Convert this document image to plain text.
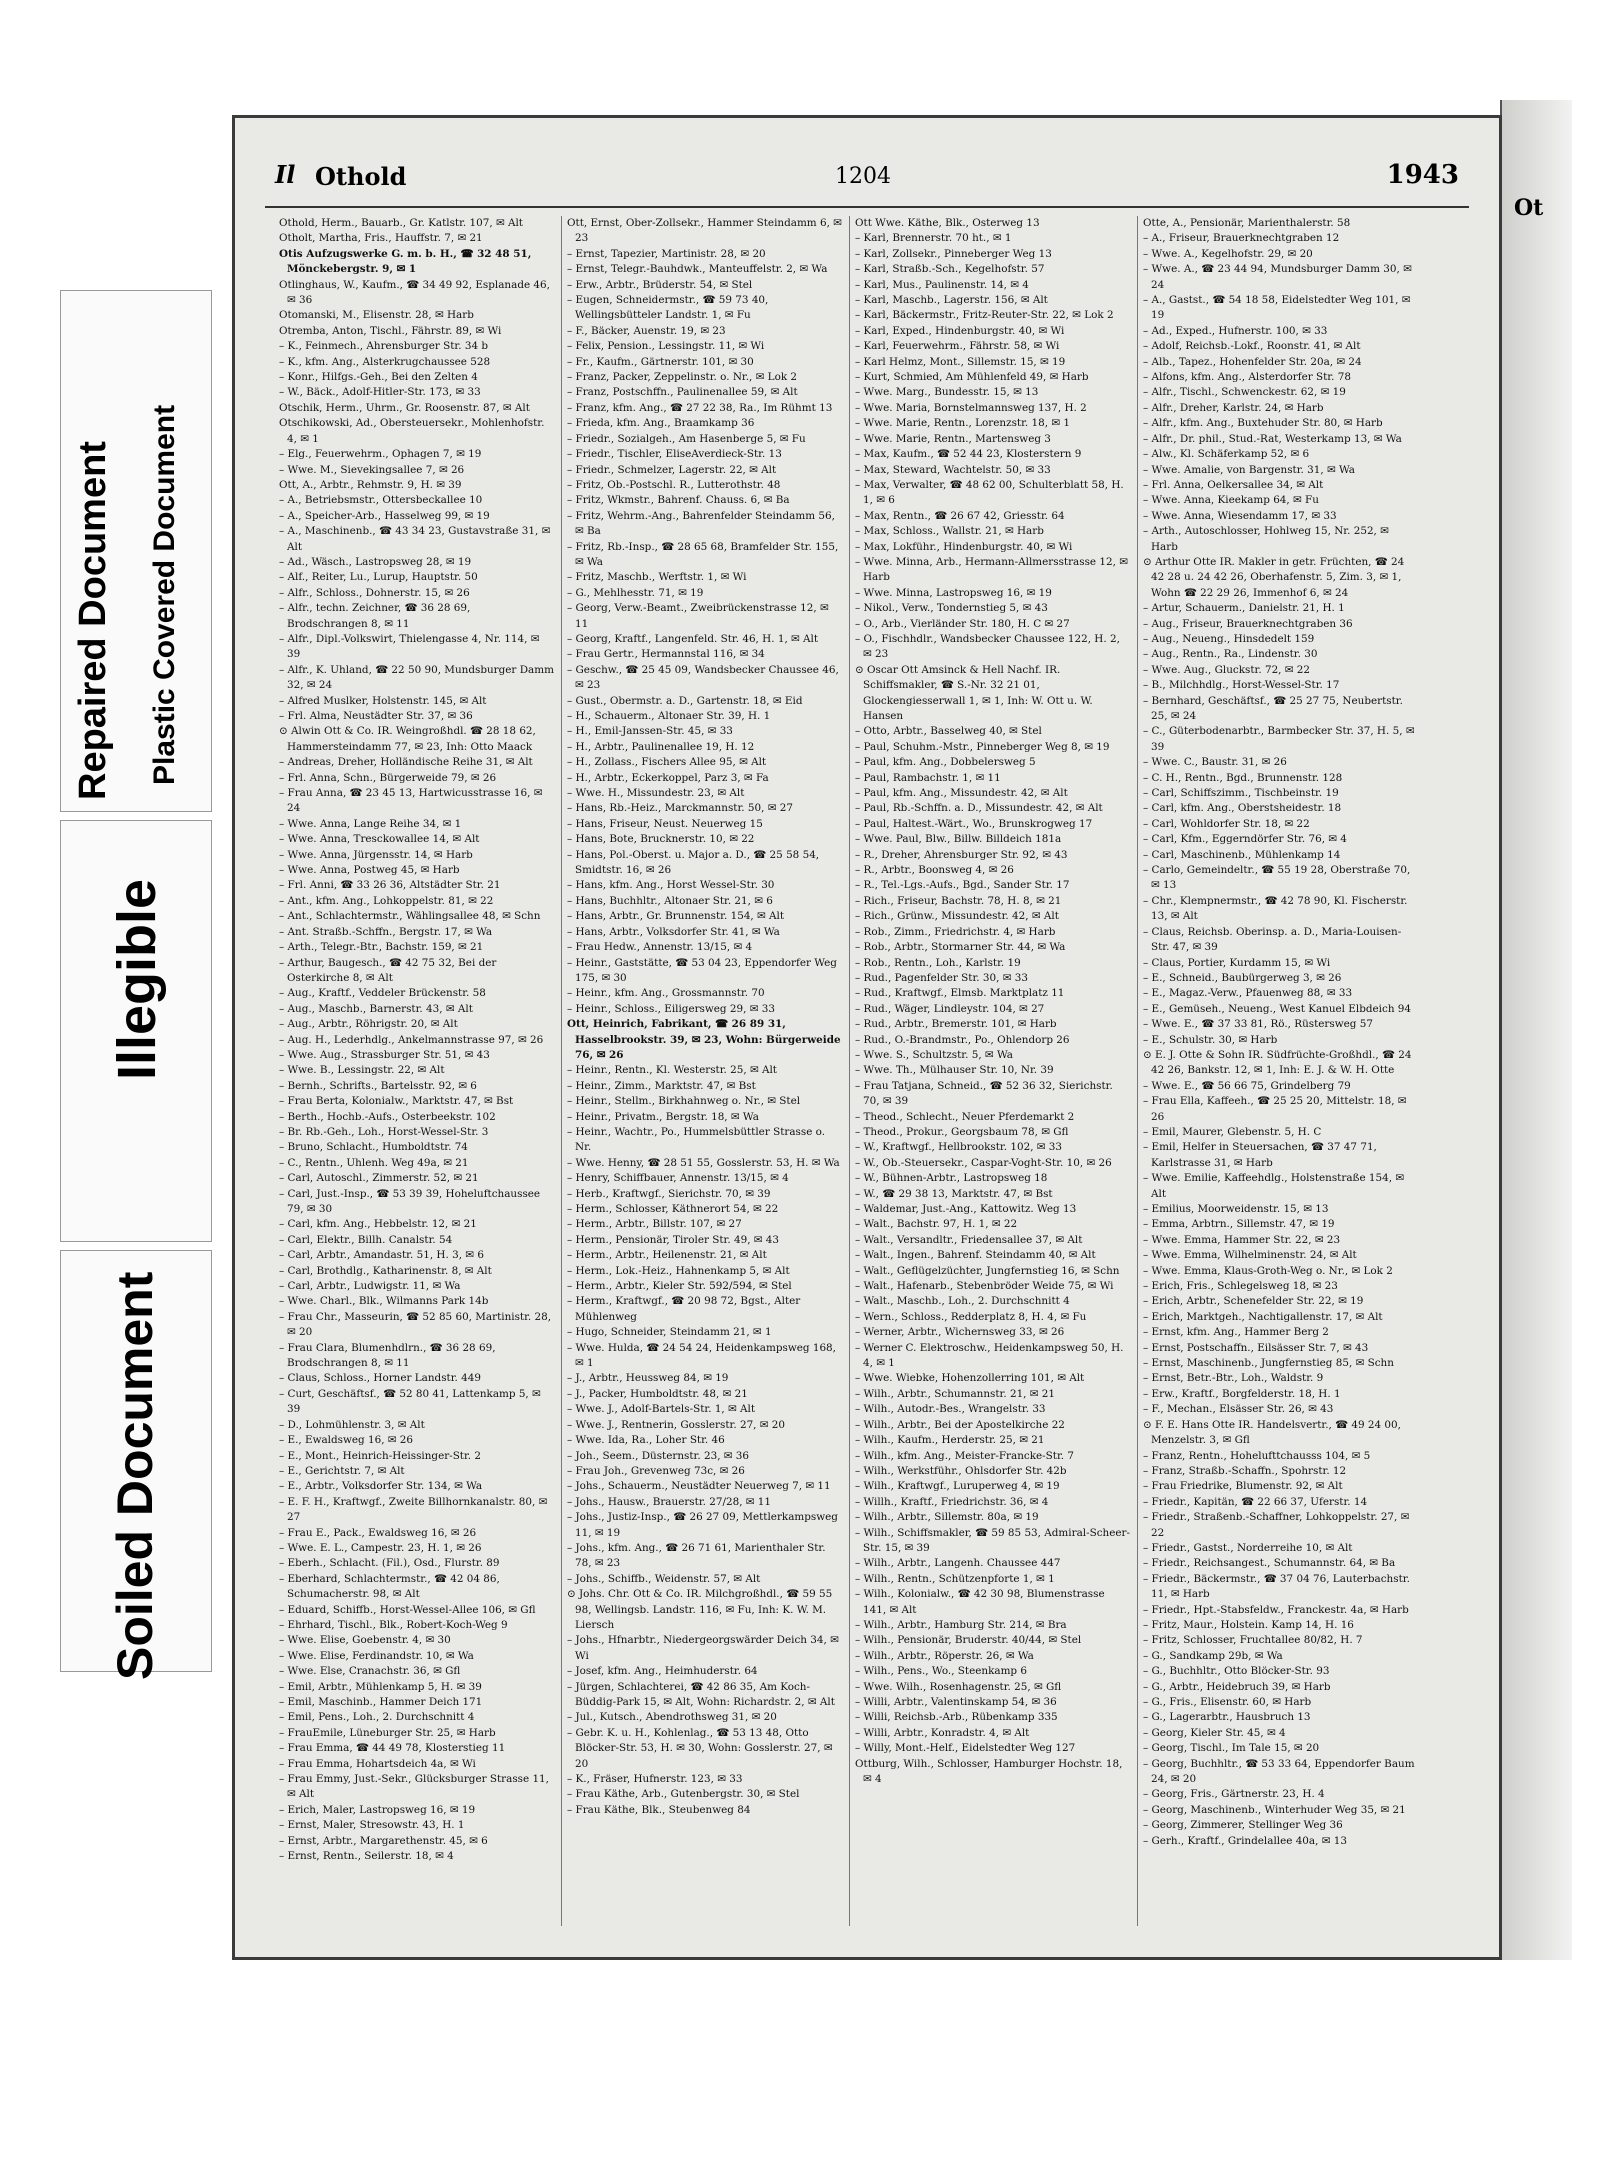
Repaired Document Plastic Covered Document
Illegible
Soiled Document
Ot
Il Othold	1204	1943

Othold, Herm., Bauarb., Gr. Katlstr. 107, ✉ Alt

Otholt, Martha, Fris., Hauffstr. 7, ✉ 21

Otis Aufzugswerke G. m. b. H., ☎ 32 48 51, Mönckebergstr. 9, ✉ 1

Otlinghaus, W., Kaufm., ☎ 34 49 92, Esplanade 46, ✉ 36

Otomanski, M., Elisenstr. 28, ✉ Harb

Otremba, Anton, Tischl., Fährstr. 89, ✉ Wi

– K., Feinmech., Ahrensburger Str. 34 b

– K., kfm. Ang., Alsterkrugchaussee 528

– Konr., Hilfgs.-Geh., Bei den Zelten 4

– W., Bäck., Adolf-Hitler-Str. 173, ✉ 33

Otschik, Herm., Uhrm., Gr. Roosenstr. 87, ✉ Alt

Otschikowski, Ad., Obersteuersekr., Mohlenhofstr. 4, ✉ 1

– Elg., Feuerwehrm., Ophagen 7, ✉ 19

– Wwe. M., Sievekingsallee 7, ✉ 26

Ott, A., Arbtr., Rehmstr. 9, H. ✉ 39

– A., Betriebsmstr., Ottersbeckallee 10

– A., Speicher-Arb., Hasselweg 99, ✉ 19

– A., Maschinenb., ☎ 43 34 23, Gustavstraße 31, ✉ Alt

– Ad., Wäsch., Lastropsweg 28, ✉ 19

– Alf., Reiter, Lu., Lurup, Hauptstr. 50

– Alfr., Schloss., Dohnerstr. 15, ✉ 26

– Alfr., techn. Zeichner, ☎ 36 28 69, Brodschrangen 8, ✉ 11

– Alfr., Dipl.-Volkswirt, Thielengasse 4, Nr. 114, ✉ 39

– Alfr., K. Uhland, ☎ 22 50 90, Mundsburger Damm 32, ✉ 24

– Alfred Muslker, Holstenstr. 145, ✉ Alt

– Frl. Alma, Neustädter Str. 37, ✉ 36

⊙ Alwin Ott & Co. IR. Weingroßhdl. ☎ 28 18 62, Hammersteindamm 77, ✉ 23, Inh: Otto Maack

– Andreas, Dreher, Holländische Reihe 31, ✉ Alt

– Frl. Anna, Schn., Bürgerweide 79, ✉ 26

– Frau Anna, ☎ 23 45 13, Hartwicusstrasse 16, ✉ 24

– Wwe. Anna, Lange Reihe 34, ✉ 1

– Wwe. Anna, Tresckowallee 14, ✉ Alt

– Wwe. Anna, Jürgensstr. 14, ✉ Harb

– Wwe. Anna, Postweg 45, ✉ Harb

– Frl. Anni, ☎ 33 26 36, Altstädter Str. 21

– Ant., kfm. Ang., Lohkoppelstr. 81, ✉ 22

– Ant., Schlachtermstr., Wählingsallee 48, ✉ Schn

– Ant. Straßb.-Schffn., Bergstr. 17, ✉ Wa

– Arth., Telegr.-Btr., Bachstr. 159, ✉ 21

– Arthur, Baugesch., ☎ 42 75 32, Bei der Osterkirche 8, ✉ Alt

– Aug., Kraftf., Veddeler Brückenstr. 58

– Aug., Maschb., Barnerstr. 43, ✉ Alt

– Aug., Arbtr., Röhrigstr. 20, ✉ Alt

– Aug. H., Lederhdlg., Ankelmannstrasse 97, ✉ 26

– Wwe. Aug., Strassburger Str. 51, ✉ 43

– Wwe. B., Lessingstr. 22, ✉ Alt

– Bernh., Schrifts., Bartelsstr. 92, ✉ 6

– Frau Berta, Kolonialw., Marktstr. 47, ✉ Bst

– Berth., Hochb.-Aufs., Osterbeekstr. 102

– Br. Rb.-Geh., Loh., Horst-Wessel-Str. 3

– Bruno, Schlacht., Humboldtstr. 74

– C., Rentn., Uhlenh. Weg 49a, ✉ 21

– Carl, Autoschl., Zimmerstr. 52, ✉ 21

– Carl, Just.-Insp., ☎ 53 39 39, Hoheluftchaussee 79, ✉ 30

– Carl, kfm. Ang., Hebbelstr. 12, ✉ 21

– Carl, Elektr., Billh. Canalstr. 54

– Carl, Arbtr., Amandastr. 51, H. 3, ✉ 6

– Carl, Brothdlg., Katharinenstr. 8, ✉ Alt

– Carl, Arbtr., Ludwigstr. 11, ✉ Wa

– Wwe. Charl., Blk., Wilmanns Park 14b

– Frau Chr., Masseurin, ☎ 52 85 60, Martinistr. 28, ✉ 20

– Frau Clara, Blumenhdlrn., ☎ 36 28 69, Brodschrangen 8, ✉ 11

– Claus, Schloss., Horner Landstr. 449

– Curt, Geschäftsf., ☎ 52 80 41, Lattenkamp 5, ✉ 39

– D., Lohmühlenstr. 3, ✉ Alt

– E., Ewaldsweg 16, ✉ 26

– E., Mont., Heinrich-Heissinger-Str. 2

– E., Gerichtstr. 7, ✉ Alt

– E., Arbtr., Volksdorfer Str. 134, ✉ Wa

– E. F. H., Kraftwgf., Zweite Billhornkanalstr. 80, ✉ 27

– Frau E., Pack., Ewaldsweg 16, ✉ 26

– Wwe. E. L., Campestr. 23, H. 1, ✉ 26

– Eberh., Schlacht. (Fil.), Osd., Flurstr. 89

– Eberhard, Schlachtermstr., ☎ 42 04 86, Schumacherstr. 98, ✉ Alt

– Eduard, Schiffb., Horst-Wessel-Allee 106, ✉ Gfl

– Ehrhard, Tischl., Blk., Robert-Koch-Weg 9

– Wwe. Elise, Goebenstr. 4, ✉ 30

– Wwe. Elise, Ferdinandstr. 10, ✉ Wa

– Wwe. Else, Cranachstr. 36, ✉ Gfl

– Emil, Arbtr., Mühlenkamp 5, H. ✉ 39

– Emil, Maschinb., Hammer Deich 171

– Emil, Pens., Loh., 2. Durchschnitt 4

– FrauEmile, Lüneburger Str. 25, ✉ Harb

– Frau Emma, ☎ 44 49 78, Klosterstieg 11

– Frau Emma, Hohartsdeich 4a, ✉ Wi

– Frau Emmy, Just.-Sekr., Glücksburger Strasse 11, ✉ Alt

– Erich, Maler, Lastropsweg 16, ✉ 19

– Ernst, Maler, Stresowstr. 43, H. 1

– Ernst, Arbtr., Margarethenstr. 45, ✉ 6

– Ernst, Rentn., Seilerstr. 18, ✉ 4

Ott, Ernst, Ober-Zollsekr., Hammer Steindamm 6, ✉ 23

– Ernst, Tapezier, Martinistr. 28, ✉ 20

– Ernst, Telegr.-Bauhdwk., Manteuffelstr. 2, ✉ Wa

– Erw., Arbtr., Brüderstr. 54, ✉ Stel

– Eugen, Schneidermstr., ☎ 59 73 40, Wellingsbütteler Landstr. 1, ✉ Fu

– F., Bäcker, Auenstr. 19, ✉ 23

– Felix, Pension., Lessingstr. 11, ✉ Wi

– Fr., Kaufm., Gärtnerstr. 101, ✉ 30

– Franz, Packer, Zeppelinstr. o. Nr., ✉ Lok 2

– Franz, Postschffn., Paulinenallee 59, ✉ Alt

– Franz, kfm. Ang., ☎ 27 22 38, Ra., Im Rühmt 13

– Frieda, kfm. Ang., Braamkamp 36

– Friedr., Sozialgeh., Am Hasenberge 5, ✉ Fu

– Friedr., Tischler, EliseAverdieck-Str. 13

– Friedr., Schmelzer, Lagerstr. 22, ✉ Alt

– Fritz, Ob.-Postschl. R., Lutterothstr. 48

– Fritz, Wkmstr., Bahrenf. Chauss. 6, ✉ Ba

– Fritz, Wehrm.-Ang., Bahrenfelder Steindamm 56, ✉ Ba

– Fritz, Rb.-Insp., ☎ 28 65 68, Bramfelder Str. 155, ✉ Wa

– Fritz, Maschb., Werftstr. 1, ✉ Wi

– G., Mehlhesstr. 71, ✉ 19

– Georg, Verw.-Beamt., Zweibrückenstrasse 12, ✉ 11

– Georg, Kraftf., Langenfeld. Str. 46, H. 1, ✉ Alt

– Frau Gertr., Hermannstal 116, ✉ 34

– Geschw., ☎ 25 45 09, Wandsbecker Chaussee 46, ✉ 23

– Gust., Obermstr. a. D., Gartenstr. 18, ✉ Eid

– H., Schauerm., Altonaer Str. 39, H. 1

– H., Emil-Janssen-Str. 45, ✉ 33

– H., Arbtr., Paulinenallee 19, H. 12

– H., Zollass., Fischers Allee 95, ✉ Alt

– H., Arbtr., Eckerkoppel, Parz 3, ✉ Fa

– Wwe. H., Missundestr. 23, ✉ Alt

– Hans, Rb.-Heiz., Marckmannstr. 50, ✉ 27

– Hans, Friseur, Neust. Neuerweg 15

– Hans, Bote, Brucknerstr. 10, ✉ 22

– Hans, Pol.-Oberst. u. Major a. D., ☎ 25 58 54, Smidtstr. 16, ✉ 26

– Hans, kfm. Ang., Horst Wessel-Str. 30

– Hans, Buchhltr., Altonaer Str. 21, ✉ 6

– Hans, Arbtr., Gr. Brunnenstr. 154, ✉ Alt

– Hans, Arbtr., Volksdorfer Str. 41, ✉ Wa

– Frau Hedw., Annenstr. 13/15, ✉ 4

– Heinr., Gaststätte, ☎ 53 04 23, Eppendorfer Weg 175, ✉ 30

– Heinr., kfm. Ang., Grossmannstr. 70

– Heinr., Schloss., Eiligersweg 29, ✉ 33

Ott, Heinrich, Fabrikant, ☎ 26 89 31, Hasselbrookstr. 39, ✉ 23, Wohn: Bürgerweide 76, ✉ 26

– Heinr., Rentn., Kl. Westerstr. 25, ✉ Alt

– Heinr., Zimm., Marktstr. 47, ✉ Bst

– Heinr., Stellm., Birkhahnweg o. Nr., ✉ Stel

– Heinr., Privatm., Bergstr. 18, ✉ Wa

– Heinr., Wachtr., Po., Hummelsbüttler Strasse o. Nr.

– Wwe. Henny, ☎ 28 51 55, Gosslerstr. 53, H. ✉ Wa

– Henry, Schiffbauer, Annenstr. 13/15, ✉ 4

– Herb., Kraftwgf., Sierichstr. 70, ✉ 39

– Herm., Schlosser, Käthnerort 54, ✉ 22

– Herm., Arbtr., Billstr. 107, ✉ 27

– Herm., Pensionär, Tiroler Str. 49, ✉ 43

– Herm., Arbtr., Heilenenstr. 21, ✉ Alt

– Herm., Lok.-Heiz., Hahnenkamp 5, ✉ Alt

– Herm., Arbtr., Kieler Str. 592/594, ✉ Stel

– Herm., Kraftwgf., ☎ 20 98 72, Bgst., Alter Mühlenweg

– Hugo, Schneider, Steindamm 21, ✉ 1

– Wwe. Hulda, ☎ 24 54 24, Heidenkampsweg 168, ✉ 1

– J., Arbtr., Heussweg 84, ✉ 19

– J., Packer, Humboldtstr. 48, ✉ 21

– Wwe. J., Adolf-Bartels-Str. 1, ✉ Alt

– Wwe. J., Rentnerin, Gosslerstr. 27, ✉ 20

– Wwe. Ida, Ra., Loher Str. 46

– Joh., Seem., Düsternstr. 23, ✉ 36

– Frau Joh., Grevenweg 73c, ✉ 26

– Johs., Schauerm., Neustädter Neuerweg 7, ✉ 11

– Johs., Hausw., Brauerstr. 27/28, ✉ 11

– Johs., Justiz-Insp., ☎ 26 27 09, Mettlerkampsweg 11, ✉ 19

– Johs., kfm. Ang., ☎ 26 71 61, Marienthaler Str. 78, ✉ 23

– Johs., Schiffb., Weidenstr. 57, ✉ Alt

⊙ Johs. Chr. Ott & Co. IR. Milchgroßhdl., ☎ 59 55 98, Wellingsb. Landstr. 116, ✉ Fu, Inh: K. W. M. Liersch

– Johs., Hfnarbtr., Niedergeorgswärder Deich 34, ✉ Wi

– Josef, kfm. Ang., Heimhuderstr. 64

– Jürgen, Schlachterei, ☎ 42 86 35, Am Koch-Büddig-Park 15, ✉ Alt, Wohn: Richardstr. 2, ✉ Alt

– Jul., Kutsch., Abendrothsweg 31, ✉ 20

– Gebr. K. u. H., Kohlenlag., ☎ 53 13 48, Otto Blöcker-Str. 53, H. ✉ 30, Wohn: Gosslerstr. 27, ✉ 20

– K., Fräser, Hufnerstr. 123, ✉ 33

– Frau Käthe, Arb., Gutenbergstr. 30, ✉ Stel

– Frau Käthe, Blk., Steubenweg 84

Ott Wwe. Käthe, Blk., Osterweg 13

– Karl, Brennerstr. 70 ht., ✉ 1

– Karl, Zollsekr., Pinneberger Weg 13

– Karl, Straßb.-Sch., Kegelhofstr. 57

– Karl, Mus., Paulinenstr. 14, ✉ 4

– Karl, Maschb., Lagerstr. 156, ✉ Alt

– Karl, Bäckermstr., Fritz-Reuter-Str. 22, ✉ Lok 2

– Karl, Exped., Hindenburgstr. 40, ✉ Wi

– Karl, Feuerwehrm., Fährstr. 58, ✉ Wi

– Karl Helmz, Mont., Sillemstr. 15, ✉ 19

– Kurt, Schmied, Am Mühlenfeld 49, ✉ Harb

– Wwe. Marg., Bundesstr. 15, ✉ 13

– Wwe. Maria, Bornstelmannsweg 137, H. 2

– Wwe. Marie, Rentn., Lorenzstr. 18, ✉ 1

– Wwe. Marie, Rentn., Martensweg 3

– Max, Kaufm., ☎ 52 44 23, Klosterstern 9

– Max, Steward, Wachtelstr. 50, ✉ 33

– Max, Verwalter, ☎ 48 62 00, Schulterblatt 58, H. 1, ✉ 6

– Max, Rentn., ☎ 26 67 42, Griesstr. 64

– Max, Schloss., Wallstr. 21, ✉ Harb

– Max, Lokführ., Hindenburgstr. 40, ✉ Wi

– Wwe. Minna, Arb., Hermann-Allmersstrasse 12, ✉ Harb

– Wwe. Minna, Lastropsweg 16, ✉ 19

– Nikol., Verw., Tondernstieg 5, ✉ 43

– O., Arb., Vierländer Str. 180, H. C ✉ 27

– O., Fischhdlr., Wandsbecker Chaussee 122, H. 2, ✉ 23

⊙ Oscar Ott Amsinck & Hell Nachf. IR. Schiffsmakler, ☎ S.-Nr. 32 21 01, Glockengiesserwall 1, ✉ 1, Inh: W. Ott u. W. Hansen

– Otto, Arbtr., Basselweg 40, ✉ Stel

– Paul, Schuhm.-Mstr., Pinneberger Weg 8, ✉ 19

– Paul, kfm. Ang., Dobbelersweg 5

– Paul, Rambachstr. 1, ✉ 11

– Paul, kfm. Ang., Missundestr. 42, ✉ Alt

– Paul, Rb.-Schffn. a. D., Missundestr. 42, ✉ Alt

– Paul, Haltest.-Wärt., Wo., Brunskrogweg 17

– Wwe. Paul, Blw., Billw. Billdeich 181a

– R., Dreher, Ahrensburger Str. 92, ✉ 43

– R., Arbtr., Boonsweg 4, ✉ 26

– R., Tel.-Lgs.-Aufs., Bgd., Sander Str. 17

– Rich., Friseur, Bachstr. 78, H. 8, ✉ 21

– Rich., Grünw., Missundestr. 42, ✉ Alt

– Rob., Zimm., Friedrichstr. 4, ✉ Harb

– Rob., Arbtr., Stormarner Str. 44, ✉ Wa

– Rob., Rentn., Loh., Karlstr. 19

– Rud., Pagenfelder Str. 30, ✉ 33

– Rud., Kraftwgf., Elmsb. Marktplatz 11

– Rud., Wäger, Lindleystr. 104, ✉ 27

– Rud., Arbtr., Bremerstr. 101, ✉ Harb

– Rud., O.-Brandmstr., Po., Ohlendorp 26

– Wwe. S., Schultzstr. 5, ✉ Wa

– Wwe. Th., Mülhauser Str. 10, Nr. 39

– Frau Tatjana, Schneid., ☎ 52 36 32, Sierichstr. 70, ✉ 39

– Theod., Schlecht., Neuer Pferdemarkt 2

– Theod., Prokur., Georgsbaum 78, ✉ Gfl

– W., Kraftwgf., Hellbrookstr. 102, ✉ 33

– W., Ob.-Steuersekr., Caspar-Voght-Str. 10, ✉ 26

– W., Bühnen-Arbtr., Lastropsweg 18

– W., ☎ 29 38 13, Marktstr. 47, ✉ Bst

– Waldemar, Just.-Ang., Kattowitz. Weg 13

– Walt., Bachstr. 97, H. 1, ✉ 22

– Walt., Versandltr., Friedensallee 37, ✉ Alt

– Walt., Ingen., Bahrenf. Steindamm 40, ✉ Alt

– Walt., Geflügelzüchter, Jungfernstieg 16, ✉ Schn

– Walt., Hafenarb., Stebenbröder Weide 75, ✉ Wi

– Walt., Maschb., Loh., 2. Durchschnitt 4

– Wern., Schloss., Redderplatz 8, H. 4, ✉ Fu

– Werner, Arbtr., Wichernsweg 33, ✉ 26

– Werner C. Elektroschw., Heidenkampsweg 50, H. 4, ✉ 1

– Wwe. Wiebke, Hohenzollerring 101, ✉ Alt

– Wilh., Arbtr., Schumannstr. 21, ✉ 21

– Wilh., Autodr.-Bes., Wrangelstr. 33

– Wilh., Arbtr., Bei der Apostelkirche 22

– Wilh., Kaufm., Herderstr. 25, ✉ 21

– Wilh., kfm. Ang., Meister-Francke-Str. 7

– Wilh., Werkstführ., Ohlsdorfer Str. 42b

– Wilh., Kraftwgf., Luruperweg 4, ✉ 19

– Willh., Kraftf., Friedrichstr. 36, ✉ 4

– Wilh., Arbtr., Sillemstr. 80a, ✉ 19

– Wilh., Schiffsmakler, ☎ 59 85 53, Admiral-Scheer-Str. 15, ✉ 39

– Wilh., Arbtr., Langenh. Chaussee 447

– Wilh., Rentn., Schützenpforte 1, ✉ 1

– Wilh., Kolonialw., ☎ 42 30 98, Blumenstrasse 141, ✉ Alt

– Wilh., Arbtr., Hamburg Str. 214, ✉ Bra

– Wilh., Pensionär, Bruderstr. 40/44, ✉ Stel

– Wilh., Arbtr., Röperstr. 26, ✉ Wa

– Wilh., Pens., Wo., Steenkamp 6

– Wwe. Wilh., Rosenhagenstr. 25, ✉ Gfl

– Willi, Arbtr., Valentinskamp 54, ✉ 36

– Willi, Reichsb.-Arb., Rübenkamp 335

– Willi, Arbtr., Konradstr. 4, ✉ Alt

– Willy, Mont.-Helf., Eidelstedter Weg 127

Ottburg, Wilh., Schlosser, Hamburger Hochstr. 18, ✉ 4

Otte, A., Pensionär, Marienthalerstr. 58

– A., Friseur, Brauerknechtgraben 12

– Wwe. A., Kegelhofstr. 29, ✉ 20

– Wwe. A., ☎ 23 44 94, Mundsburger Damm 30, ✉ 24

– A., Gastst., ☎ 54 18 58, Eidelstedter Weg 101, ✉ 19

– Ad., Exped., Hufnerstr. 100, ✉ 33

– Adolf, Reichsb.-Lokf., Roonstr. 41, ✉ Alt

– Alb., Tapez., Hohenfelder Str. 20a, ✉ 24

– Alfons, kfm. Ang., Alsterdorfer Str. 78

– Alfr., Tischl., Schwenckestr. 62, ✉ 19

– Alfr., Dreher, Karlstr. 24, ✉ Harb

– Alfr., kfm. Ang., Buxtehuder Str. 80, ✉ Harb

– Alfr., Dr. phil., Stud.-Rat, Westerkamp 13, ✉ Wa

– Alw., Kl. Schäferkamp 52, ✉ 6

– Wwe. Amalie, von Bargenstr. 31, ✉ Wa

– Frl. Anna, Oelkersallee 34, ✉ Alt

– Wwe. Anna, Kieekamp 64, ✉ Fu

– Wwe. Anna, Wiesendamm 17, ✉ 33

– Arth., Autoschlosser, Hohlweg 15, Nr. 252, ✉ Harb

⊙ Arthur Otte IR. Makler in getr. Früchten, ☎ 24 42 28 u. 24 42 26, Oberhafenstr. 5, Zim. 3, ✉ 1, Wohn ☎ 22 29 26, Immenhof 6, ✉ 24

– Artur, Schauerm., Danielstr. 21, H. 1

– Aug., Friseur, Brauerknechtgraben 36

– Aug., Neueng., Hinsdedelt 159

– Aug., Rentn., Ra., Lindenstr. 30

– Wwe. Aug., Gluckstr. 72, ✉ 22

– B., Milchhdlg., Horst-Wessel-Str. 17

– Bernhard, Geschäftsf., ☎ 25 27 75, Neubertstr. 25, ✉ 24

– C., Güterbodenarbtr., Barmbecker Str. 37, H. 5, ✉ 39

– Wwe. C., Baustr. 31, ✉ 26

– C. H., Rentn., Bgd., Brunnenstr. 128

– Carl, Schiffszimm., Tischbeinstr. 19

– Carl, kfm. Ang., Oberstsheidestr. 18

– Carl, Wohldorfer Str. 18, ✉ 22

– Carl, Kfm., Eggerndörfer Str. 76, ✉ 4

– Carl, Maschinenb., Mühlenkamp 14

– Carlo, Gemeindeltr., ☎ 55 19 28, Oberstraße 70, ✉ 13

– Chr., Klempnermstr., ☎ 42 78 90, Kl. Fischerstr. 13, ✉ Alt

– Claus, Reichsb. Oberinsp. a. D., Maria-Louisen-Str. 47, ✉ 39

– Claus, Portier, Kurdamm 15, ✉ Wi

– E., Schneid., Baubürgerweg 3, ✉ 26

– E., Magaz.-Verw., Pfauenweg 88, ✉ 33

– E., Gemüseh., Neueng., West Kanuel Elbdeich 94

– Wwe. E., ☎ 37 33 81, Rö., Rüstersweg 57

– E., Schulstr. 30, ✉ Harb

⊙ E. J. Otte & Sohn IR. Südfrüchte-Großhdl., ☎ 24 42 26, Bankstr. 12, ✉ 1, Inh: E. J. & W. H. Otte

– Wwe. E., ☎ 56 66 75, Grindelberg 79

– Frau Ella, Kaffeeh., ☎ 25 25 20, Mittelstr. 18, ✉ 26

– Emil, Maurer, Glebenstr. 5, H. C

– Emil, Helfer in Steuersachen, ☎ 37 47 71, Karlstrasse 31, ✉ Harb

– Wwe. Emilie, Kaffeehdlg., Holstenstraße 154, ✉ Alt

– Emilius, Moorweidenstr. 15, ✉ 13

– Emma, Arbtrn., Sillemstr. 47, ✉ 19

– Wwe. Emma, Hammer Str. 22, ✉ 23

– Wwe. Emma, Wilhelminenstr. 24, ✉ Alt

– Wwe. Emma, Klaus-Groth-Weg o. Nr., ✉ Lok 2

– Erich, Fris., Schlegelsweg 18, ✉ 23

– Erich, Arbtr., Schenefelder Str. 22, ✉ 19

– Erich, Marktgeh., Nachtigallenstr. 17, ✉ Alt

– Ernst, kfm. Ang., Hammer Berg 2

– Ernst, Postschaffn., Eilsässer Str. 7, ✉ 43

– Ernst, Maschinenb., Jungfernstieg 85, ✉ Schn

– Ernst, Betr.-Btr., Loh., Waldstr. 9

– Erw., Kraftf., Borgfelderstr. 18, H. 1

– F., Mechan., Elsässer Str. 26, ✉ 43

⊙ F. E. Hans Otte IR. Handelsvertr., ☎ 49 24 00, Menzelstr. 3, ✉ Gfl

– Franz, Rentn., Hohelufttchausss 104, ✉ 5

– Franz, Straßb.-Schaffn., Spohrstr. 12

– Frau Friedrike, Blumenstr. 92, ✉ Alt

– Friedr., Kapitän, ☎ 22 66 37, Uferstr. 14

– Friedr., Straßenb.-Schaffner, Lohkoppelstr. 27, ✉ 22

– Friedr., Gastst., Norderreihe 10, ✉ Alt

– Friedr., Reichsangest., Schumannstr. 64, ✉ Ba

– Friedr., Bäckermstr., ☎ 37 04 76, Lauterbachstr. 11, ✉ Harb

– Friedr., Hpt.-Stabsfeldw., Franckestr. 4a, ✉ Harb

– Fritz, Maur., Holstein. Kamp 14, H. 16

– Fritz, Schlosser, Fruchtallee 80/82, H. 7

– G., Sandkamp 29b, ✉ Wa

– G., Buchhltr., Otto Blöcker-Str. 93

– G., Arbtr., Heidebruch 39, ✉ Harb

– G., Fris., Elisenstr. 60, ✉ Harb

– G., Lagerarbtr., Hausbruch 13

– Georg, Kieler Str. 45, ✉ 4

– Georg, Tischl., Im Tale 15, ✉ 20

– Georg, Buchhltr., ☎ 53 33 64, Eppendorfer Baum 24, ✉ 20

– Georg, Fris., Gärtnerstr. 23, H. 4

– Georg, Maschinenb., Winterhuder Weg 35, ✉ 21

– Georg, Zimmerer, Stellinger Weg 36

– Gerh., Kraftf., Grindelallee 40a, ✉ 13
